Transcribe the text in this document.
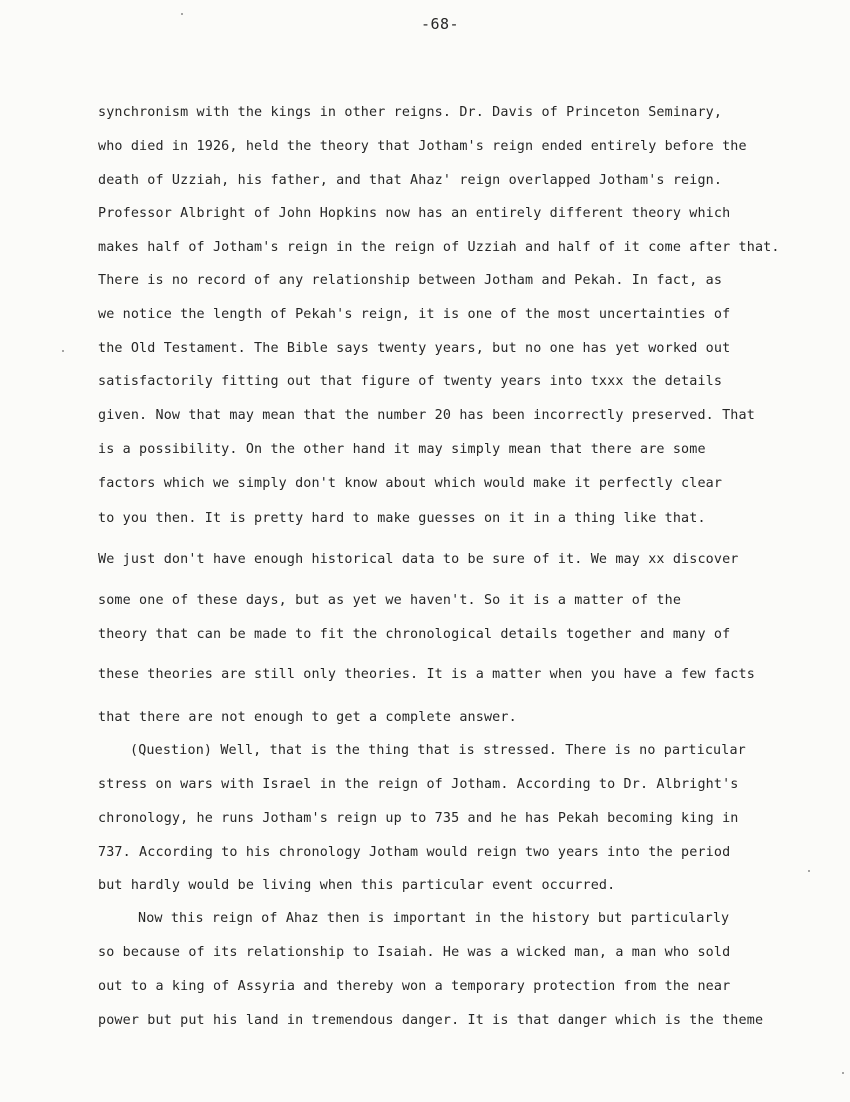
-68-
synchronism with the kings in other reigns. Dr. Davis of Princeton Seminary,
who died in 1926, held the theory that Jotham's reign ended entirely before the
death of Uzziah, his father, and that Ahaz' reign overlapped Jotham's reign.
Professor Albright of John Hopkins now has an entirely different theory which
makes half of Jotham's reign in the reign of Uzziah and half of it come after that.
There is no record of any relationship between Jotham and Pekah. In fact, as
we notice the length of Pekah's reign, it is one of the most uncertainties of
the Old Testament. The Bible says twenty years, but no one has yet worked out
satisfactorily fitting out that figure of twenty years into txxx the details
given. Now that may mean that the number 20 has been incorrectly preserved. That
is a possibility. On the other hand it may simply mean that there are some
factors which we simply don't know about which would make it perfectly clear
to you then. It is pretty hard to make guesses on it in a thing like that.
We just don't have enough historical data to be sure of it. We may xx discover
some one of these days, but as yet we haven't. So it is a matter of the
theory that can be made to fit the chronological details together and many of
these theories are still only theories. It is a matter when you have a few facts
that there are not enough to get a complete answer.
(Question) Well, that is the thing that is stressed. There is no particular
stress on wars with Israel in the reign of Jotham. According to Dr. Albright's
chronology, he runs Jotham's reign up to 735 and he has Pekah becoming king in
737. According to his chronology Jotham would reign two years into the period
but hardly would be living when this particular event occurred.
Now this reign of Ahaz then is important in the history but particularly
so because of its relationship to Isaiah. He was a wicked man, a man who sold
out to a king of Assyria and thereby won a temporary protection from the near
power but put his land in tremendous danger. It is that danger which is the theme
